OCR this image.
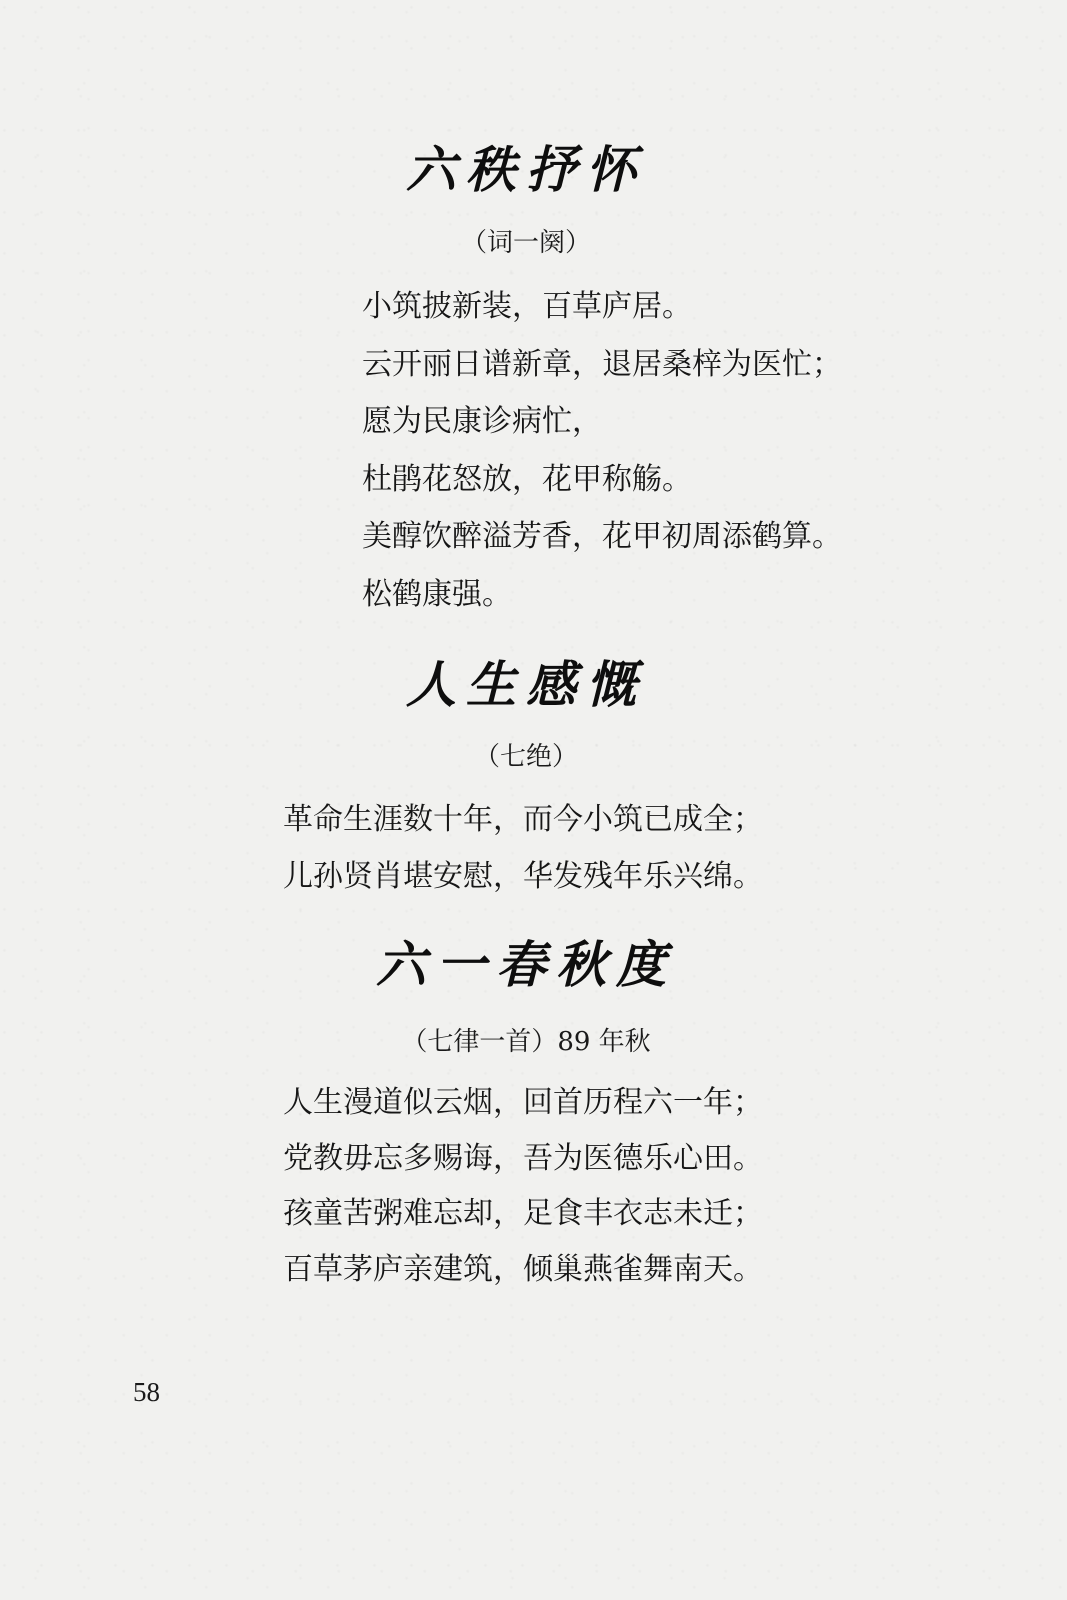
六秩抒怀
（词一阕）
小筑披新装，百草庐居。
云开丽日谱新章，退居桑梓为医忙；
愿为民康诊病忙，
杜鹃花怒放，花甲称觞。
美醇饮醉溢芳香，花甲初周添鹤算。
松鹤康强。
人生感慨
（七绝）
革命生涯数十年，而今小筑已成全；
儿孙贤肖堪安慰，华发残年乐兴绵。
六一春秋度
（七律一首）89 年秋
人生漫道似云烟，回首历程六一年；
党教毋忘多赐诲，吾为医德乐心田。
孩童苦粥难忘却，足食丰衣志未迁；
百草茅庐亲建筑，倾巢燕雀舞南天。
58
